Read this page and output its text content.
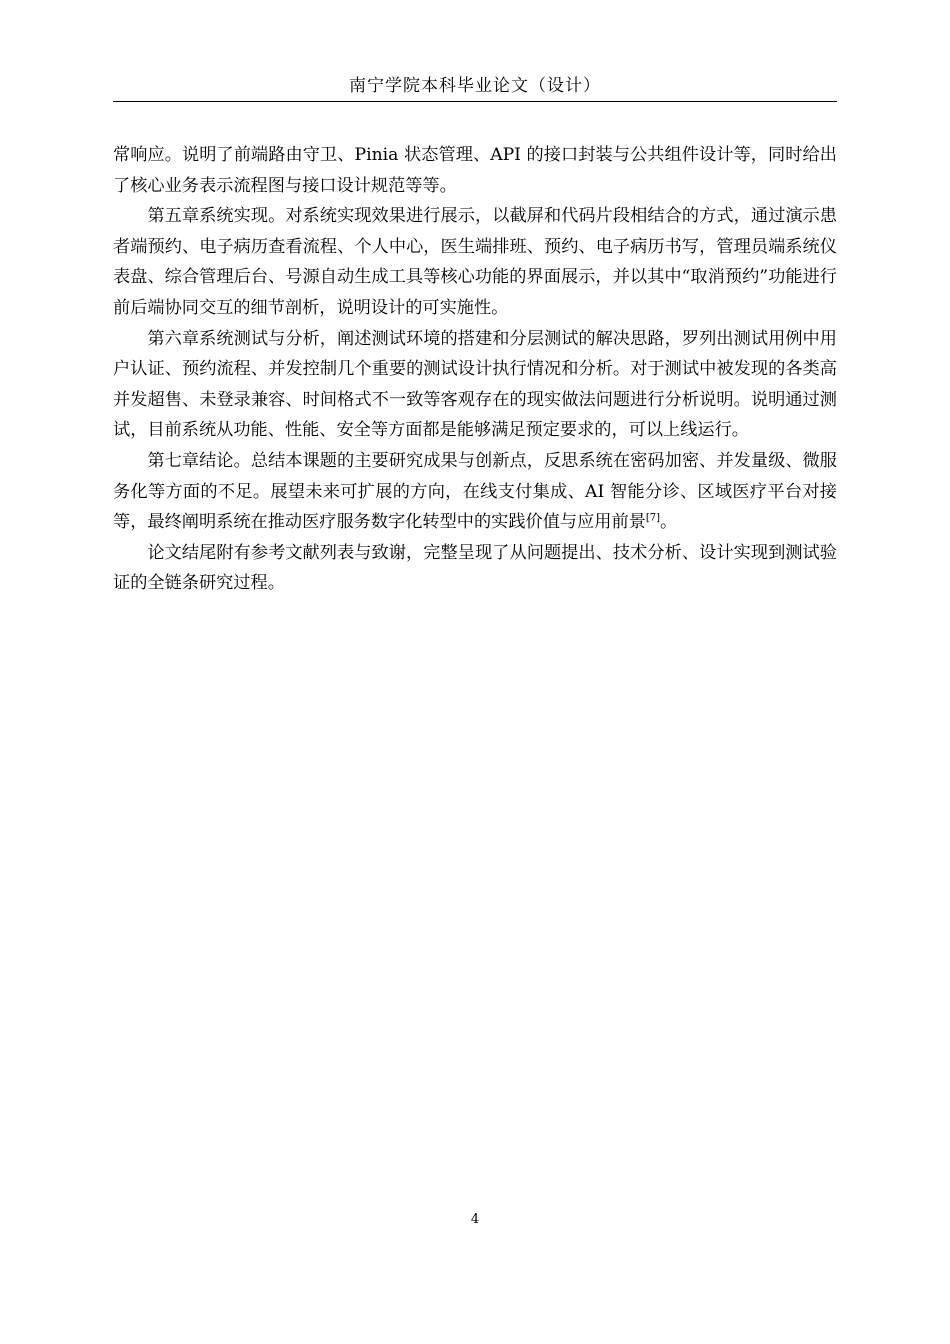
南宁学院本科毕业论文（设计）

常响应。说明了前端路由守卫、Pinia 状态管理、API 的接口封装与公共组件设计等，同时给出了核心业务表示流程图与接口设计规范等等。

第五章系统实现。对系统实现效果进行展示，以截屏和代码片段相结合的方式，通过演示患者端预约、电子病历查看流程、个人中心，医生端排班、预约、电子病历书写，管理员端系统仪表盘、综合管理后台、号源自动生成工具等核心功能的界面展示，并以其中“取消预约”功能进行前后端协同交互的细节剖析，说明设计的可实施性。

第六章系统测试与分析，阐述测试环境的搭建和分层测试的解决思路，罗列出测试用例中用户认证、预约流程、并发控制几个重要的测试设计执行情况和分析。对于测试中被发现的各类高并发超售、未登录兼容、时间格式不一致等客观存在的现实做法问题进行分析说明。说明通过测试，目前系统从功能、性能、安全等方面都是能够满足预定要求的，可以上线运行。

第七章结论。总结本课题的主要研究成果与创新点，反思系统在密码加密、并发量级、微服务化等方面的不足。展望未来可扩展的方向，在线支付集成、AI 智能分诊、区域医疗平台对接等，最终阐明系统在推动医疗服务数字化转型中的实践价值与应用前景[7]。

论文结尾附有参考文献列表与致谢，完整呈现了从问题提出、技术分析、设计实现到测试验证的全链条研究过程。

4
